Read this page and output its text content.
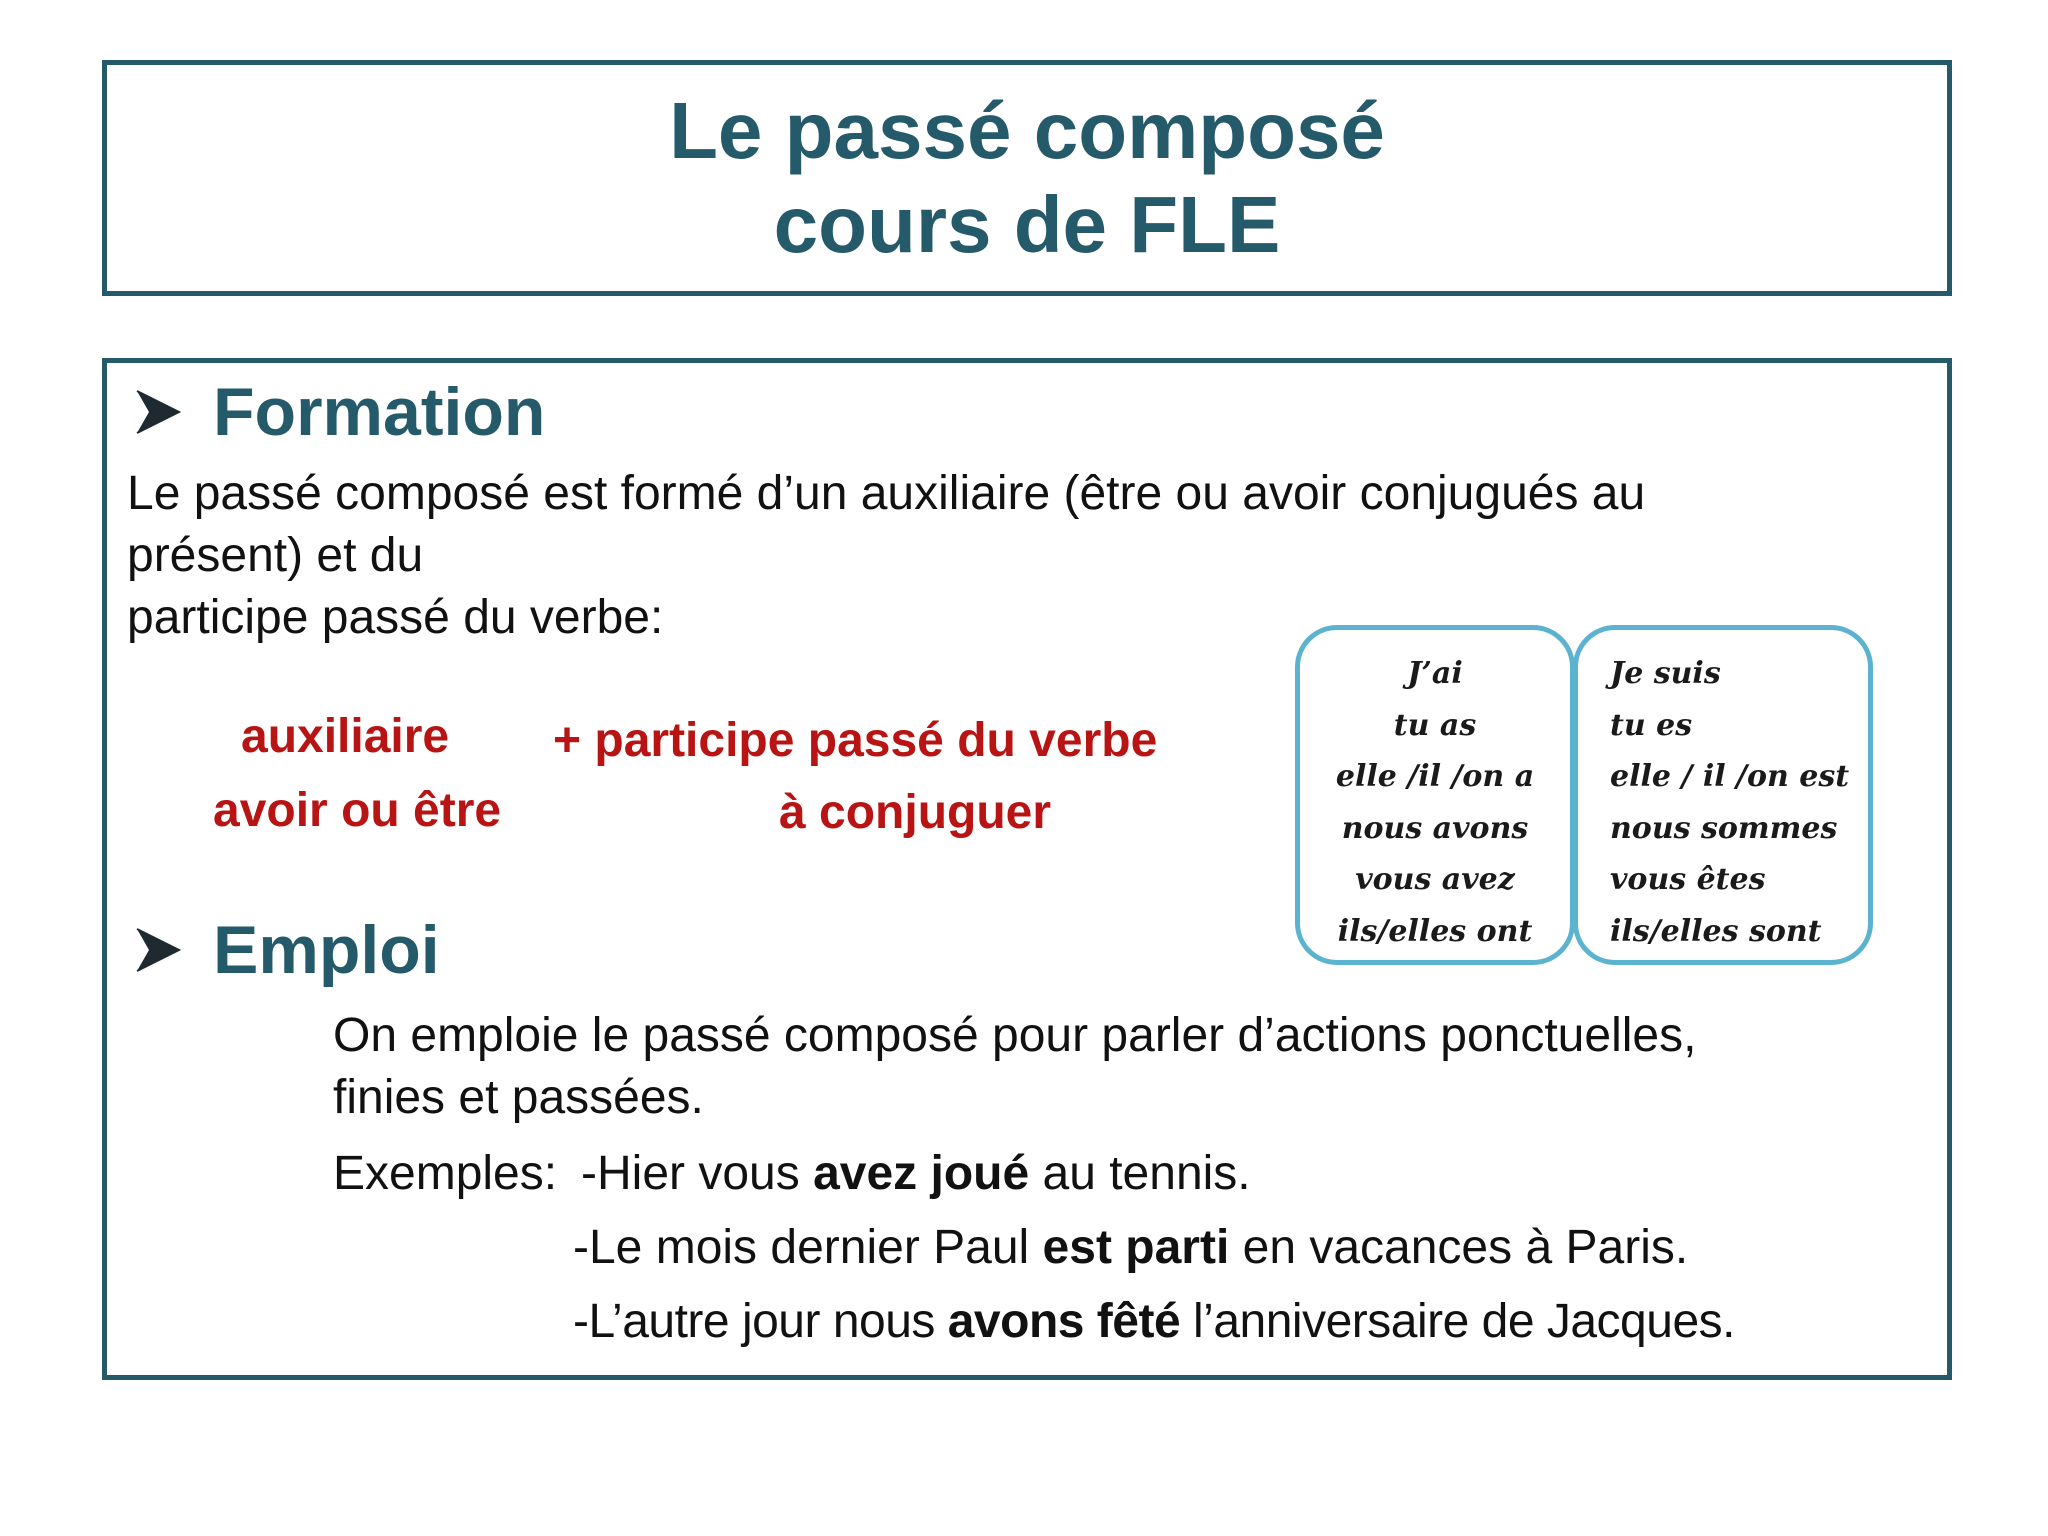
Le passé composé
cours de FLE
Formation
Le passé composé est formé d’un auxiliaire (être ou avoir conjugués au
présent) et du
participe passé du verbe:
auxiliaire
avoir ou être
+ participe passé du verbe
à conjuguer
J’ai
tu as
elle /il /on a
nous avons
vous avez
ils/elles ont
Je suis
tu es
elle / il /on est
nous sommes
vous êtes
ils/elles sont
Emploi
On emploie le passé composé pour parler d’actions ponctuelles,
finies et passées.
Exemples: -Hier vous avez joué au tennis.
-Le mois dernier Paul est parti en vacances à Paris.
-L’autre jour nous avons fêté l’anniversaire de Jacques.
